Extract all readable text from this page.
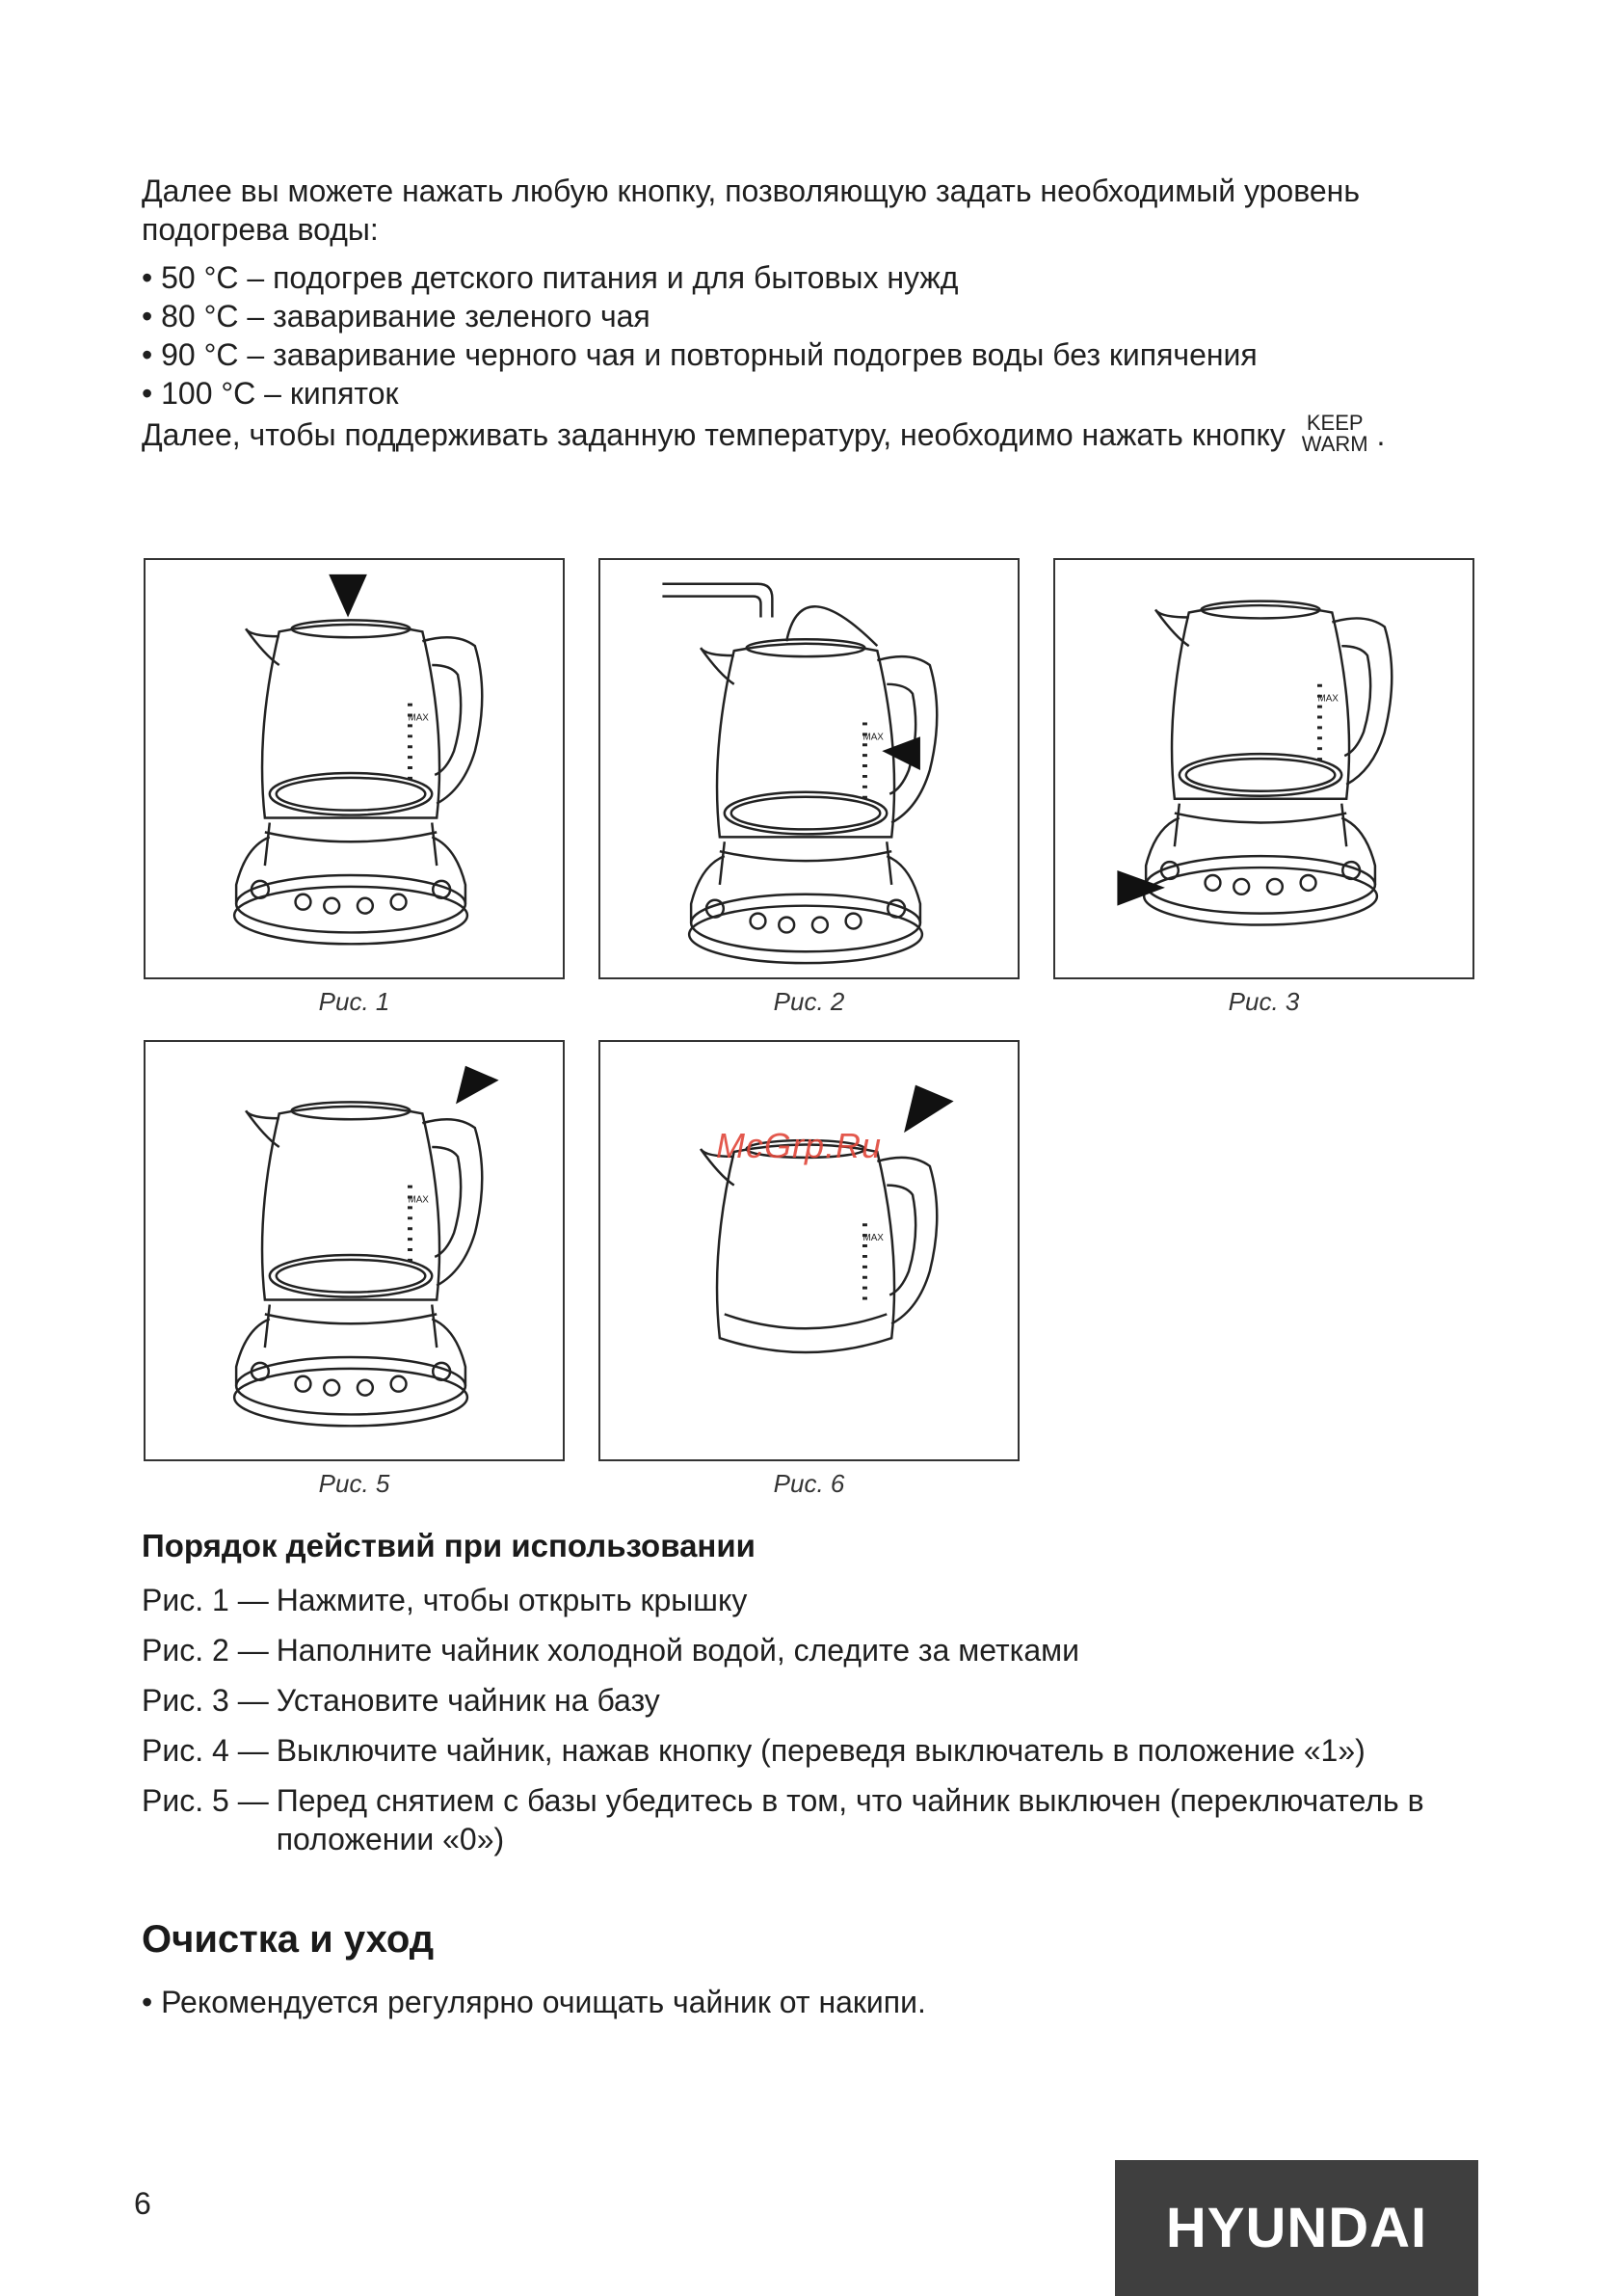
Далее вы можете нажать любую кнопку, позволяющую задать необходимый уровень подогрева воды:

• 50 °C – подогрев детского питания и для бытовых нужд
• 80 °C – заваривание зеленого чая
• 90 °C – заваривание черного чая и повторный подогрев воды без кипячения
• 100 °C – кипяток

Далее, чтобы поддерживать заданную температуру, необходимо нажать кнопку KEEP
WARM .

MAX
Рис. 1
MAX
Рис. 2
MAX
Рис. 3
MAX
Рис. 5
MAX
Рис. 6
McGrp.Ru
Порядок действий при использовании
Рис. 1 — Нажмите, чтобы открыть крышку
Рис. 2 — Наполните чайник холодной водой, следите за метками
Рис. 3 — Установите чайник на базу
Рис. 4 — Выключите чайник, нажав кнопку (переведя выключатель в положение «1»)
Рис. 5 — Перед снятием с базы убедитесь в том, что чайник выключен (переключатель в положении «0»)
Очистка и уход
• Рекомендуется регулярно очищать чайник от накипи.
6	HYUNDAI
